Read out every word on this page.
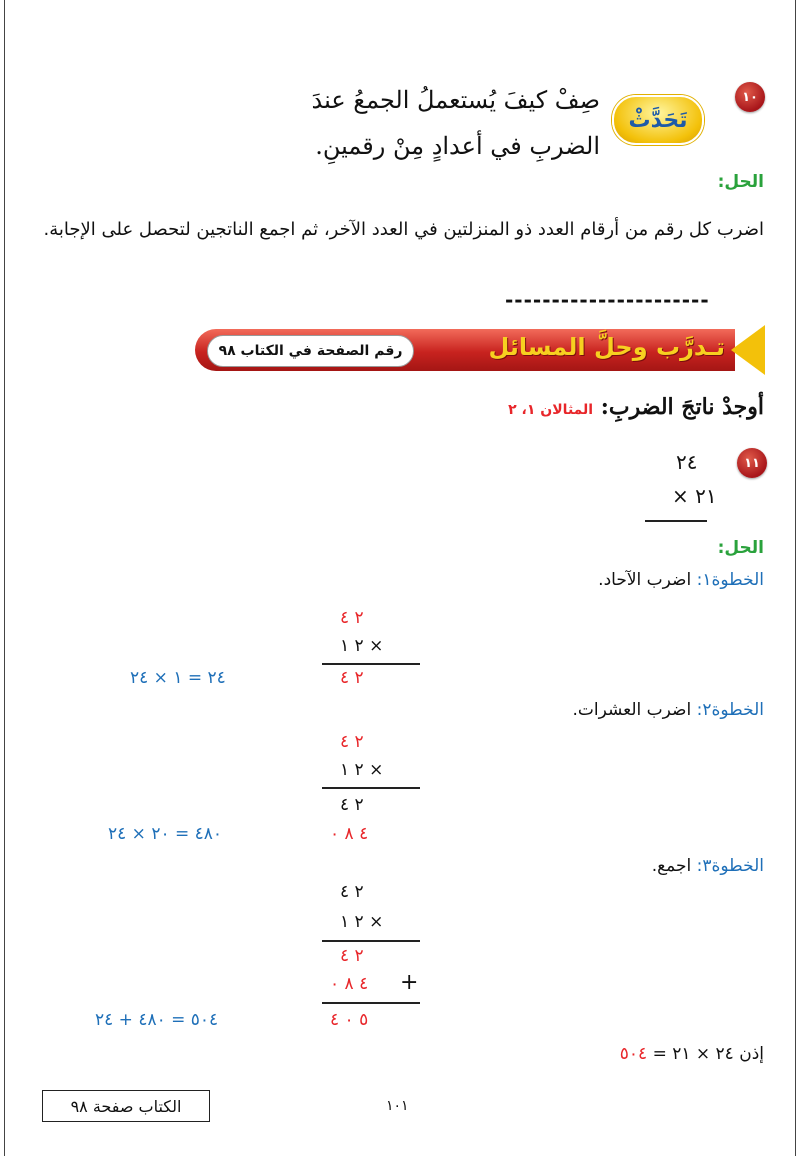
١٠
تَحَدَّثْ
صِفْ كيفَ يُستعملُ الجمعُ عندَ
الضربِ في أعدادٍ مِنْ رقمينِ.
الحل:
اضرب كل رقم من أرقام العدد ذو المنزلتين في العدد الآخر، ثم اجمع الناتجين لتحصل على الإجابة.
----------------------
تـدرَّب وحلَّ المسائل
رقم الصفحة في الكتاب ٩٨
أوجدْ ناتجَ الضربِ: المثالان ١، ٢
١١
٢٤
× ٢١
الحل:
الخطوة١: اضرب الآحاد.
٢ ٤
٢ ١ ×
٢ ٤
٢٤ = ١ × ٢٤
الخطوة٢: اضرب العشرات.
٢ ٤
٢ ١ ×
٢ ٤
٤ ٨ ٠
٤٨٠ = ٢٠ × ٢٤
الخطوة٣: اجمع.
٢ ٤
٢ ١ ×
٢ ٤
٤ ٨ ٠ +
٥ ٠ ٤
٥٠٤ = ٤٨٠ + ٢٤
إذن ٢٤ × ٢١ = ٥٠٤
الكتاب صفحة ٩٨	١٠١
